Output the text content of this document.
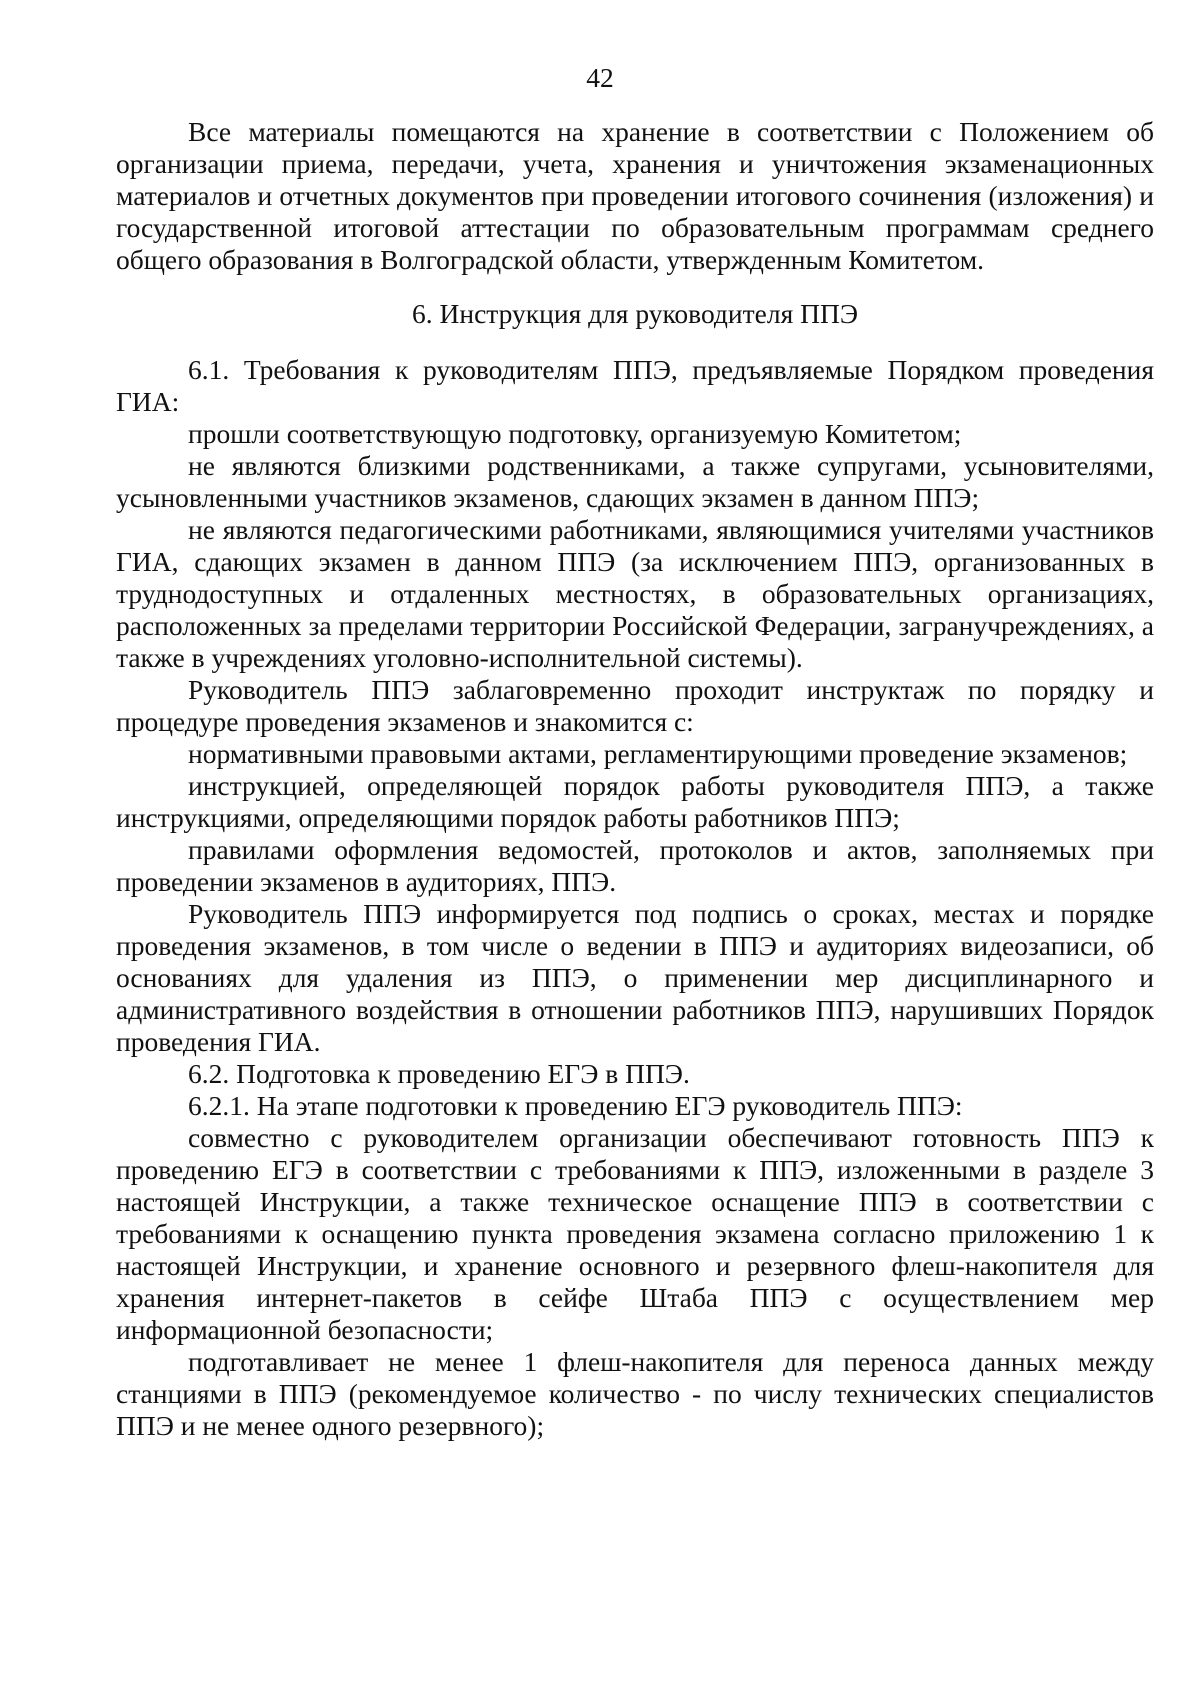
42

Все материалы помещаются на хранение в соответствии с Положением об организации приема, передачи, учета, хранения и уничтожения экзаменационных материалов и отчетных документов при проведении итогового сочинения (изложения) и государственной итоговой аттестации по образовательным программам среднего общего образования в Волгоградской области, утвержденным Комитетом.

6. Инструкция для руководителя ППЭ

6.1. Требования к руководителям ППЭ, предъявляемые Порядком проведения ГИА:

прошли соответствующую подготовку, организуемую Комитетом;

не являются близкими родственниками, а также супругами, усыновителями, усыновленными участников экзаменов, сдающих экзамен в данном ППЭ;

не являются педагогическими работниками, являющимися учителями участников ГИА, сдающих экзамен в данном ППЭ (за исключением ППЭ, организованных в труднодоступных и отдаленных местностях, в образовательных организациях, расположенных за пределами территории Российской Федерации, загранучреждениях, а также в учреждениях уголовно-исполнительной системы).

Руководитель ППЭ заблаговременно проходит инструктаж по порядку и процедуре проведения экзаменов и знакомится с:

нормативными правовыми актами, регламентирующими проведение экзаменов;

инструкцией, определяющей порядок работы руководителя ППЭ, а также инструкциями, определяющими порядок работы работников ППЭ;

правилами оформления ведомостей, протоколов и актов, заполняемых при проведении экзаменов в аудиториях, ППЭ.

Руководитель ППЭ информируется под подпись о сроках, местах и порядке проведения экзаменов, в том числе о ведении в ППЭ и аудиториях видеозаписи, об основаниях для удаления из ППЭ, о применении мер дисциплинарного и административного воздействия в отношении работников ППЭ, нарушивших Порядок проведения ГИА.

6.2. Подготовка к проведению ЕГЭ в ППЭ.

6.2.1. На этапе подготовки к проведению ЕГЭ руководитель ППЭ:

совместно с руководителем организации обеспечивают готовность ППЭ к проведению ЕГЭ в соответствии с требованиями к ППЭ, изложенными в разделе 3 настоящей Инструкции, а также техническое оснащение ППЭ в соответствии с требованиями к оснащению пункта проведения экзамена согласно приложению 1 к настоящей Инструкции, и хранение основного и резервного флеш-накопителя для хранения интернет-пакетов в сейфе Штаба ППЭ с осуществлением мер информационной безопасности;

подготавливает не менее 1 флеш-накопителя для переноса данных между станциями в ППЭ (рекомендуемое количество - по числу технических специалистов ППЭ и не менее одного резервного);
